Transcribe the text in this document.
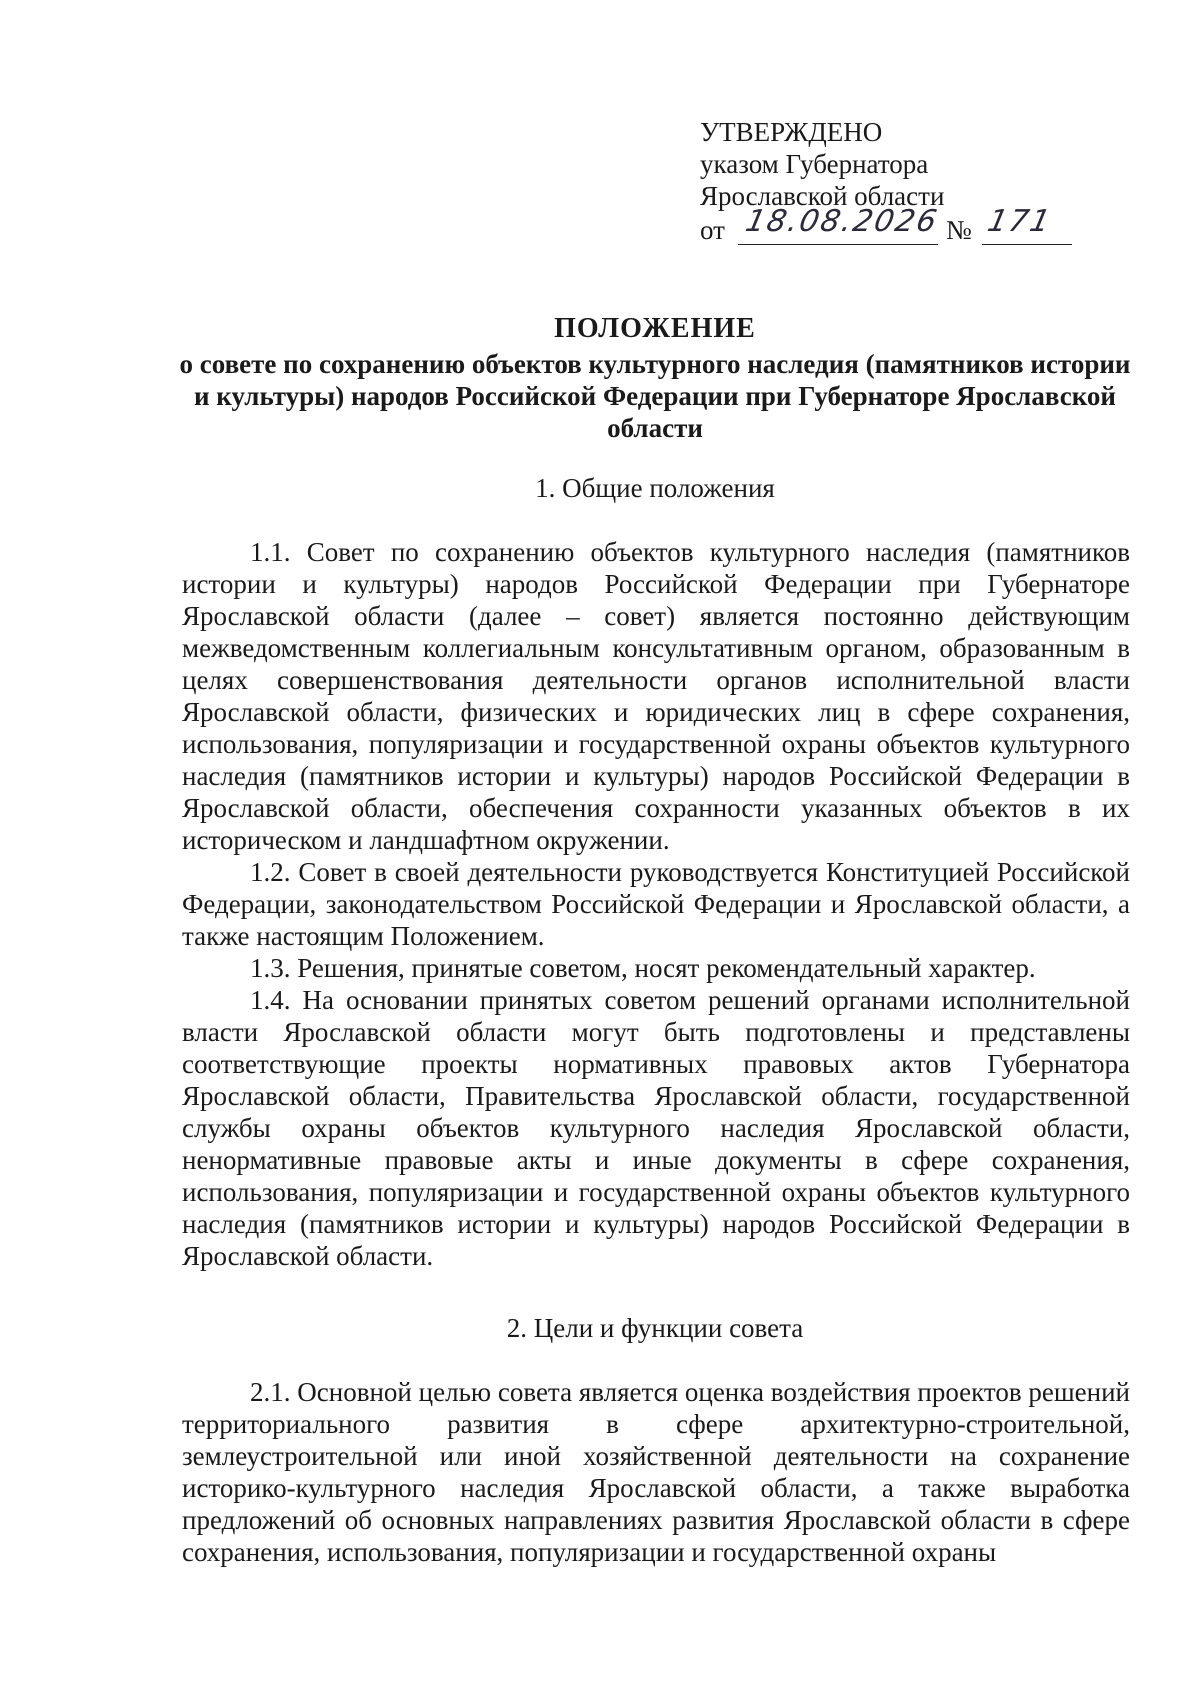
УТВЕРЖДЕНО
указом Губернатора
Ярославской области
от 18.08.2026 № 171
ПОЛОЖЕНИЕ
о совете по сохранению объектов культурного наследия (памятников истории и культуры) народов Российской Федерации при Губернаторе Ярославской области
1. Общие положения

1.1. Совет по сохранению объектов культурного наследия (памятников истории и культуры) народов Российской Федерации при Губернаторе Ярославской области (далее – совет) является постоянно действующим межведомственным коллегиальным консультативным органом, образованным в целях совершенствования деятельности органов исполнительной власти Ярославской области, физических и юридических лиц в сфере сохранения, использования, популяризации и государственной охраны объектов культурного наследия (памятников истории и культуры) народов Российской Федерации в Ярославской области, обеспечения сохранности указанных объектов в их историческом и ландшафтном окружении.

1.2. Совет в своей деятельности руководствуется Конституцией Российской Федерации, законодательством Российской Федерации и Ярославской области, а также настоящим Положением.

1.3. Решения, принятые советом, носят рекомендательный характер.

1.4. На основании принятых советом решений органами исполнительной власти Ярославской области могут быть подготовлены и представлены соответствующие проекты нормативных правовых актов Губернатора Ярославской области, Правительства Ярославской области, государственной службы охраны объектов культурного наследия Ярославской области, ненормативные правовые акты и иные документы в сфере сохранения, использования, популяризации и государственной охраны объектов культурного наследия (памятников истории и культуры) народов Российской Федерации в Ярославской области.

2. Цели и функции совета

2.1. Основной целью совета является оценка воздействия проектов решений территориального развития в сфере архитектурно-строительной, землеустроительной или иной хозяйственной деятельности на сохранение историко-культурного наследия Ярославской области, а также выработка предложений об основных направлениях развития Ярославской области в сфере сохранения, использования, популяризации и государственной охраны
